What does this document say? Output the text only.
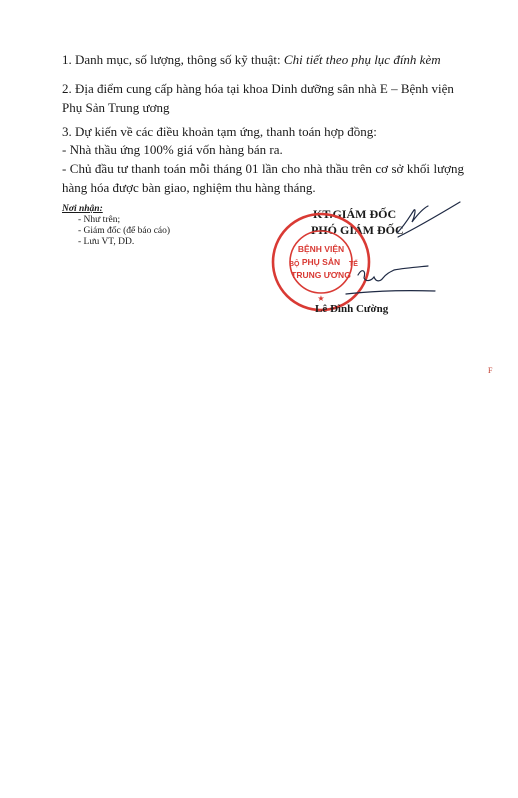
1. Danh mục, số lượng, thông số kỹ thuật: Chi tiết theo phụ lục đính kèm

2. Địa điểm cung cấp hàng hóa tại khoa Dinh dưỡng sân nhà E – Bệnh viện Phụ Sản Trung ương

3. Dự kiến về các điều khoản tạm ứng, thanh toán hợp đồng:

- Nhà thầu ứng 100% giá vốn hàng bán ra.

- Chủ đầu tư thanh toán mỗi tháng 01 lần cho nhà thầu trên cơ sở khối lượng hàng hóa được bàn giao, nghiệm thu hàng tháng.

Nơi nhận:
- Như trên;
- Giám đốc (để báo cáo)
- Lưu VT, DD.
KT.GIÁM ĐỐC
PHÓ GIÁM ĐỐC
BỘ	TẾ
BỆNH VIỆN
PHỤ SẢN
TRUNG ƯƠNG
★
Lê Đình Cường
F
